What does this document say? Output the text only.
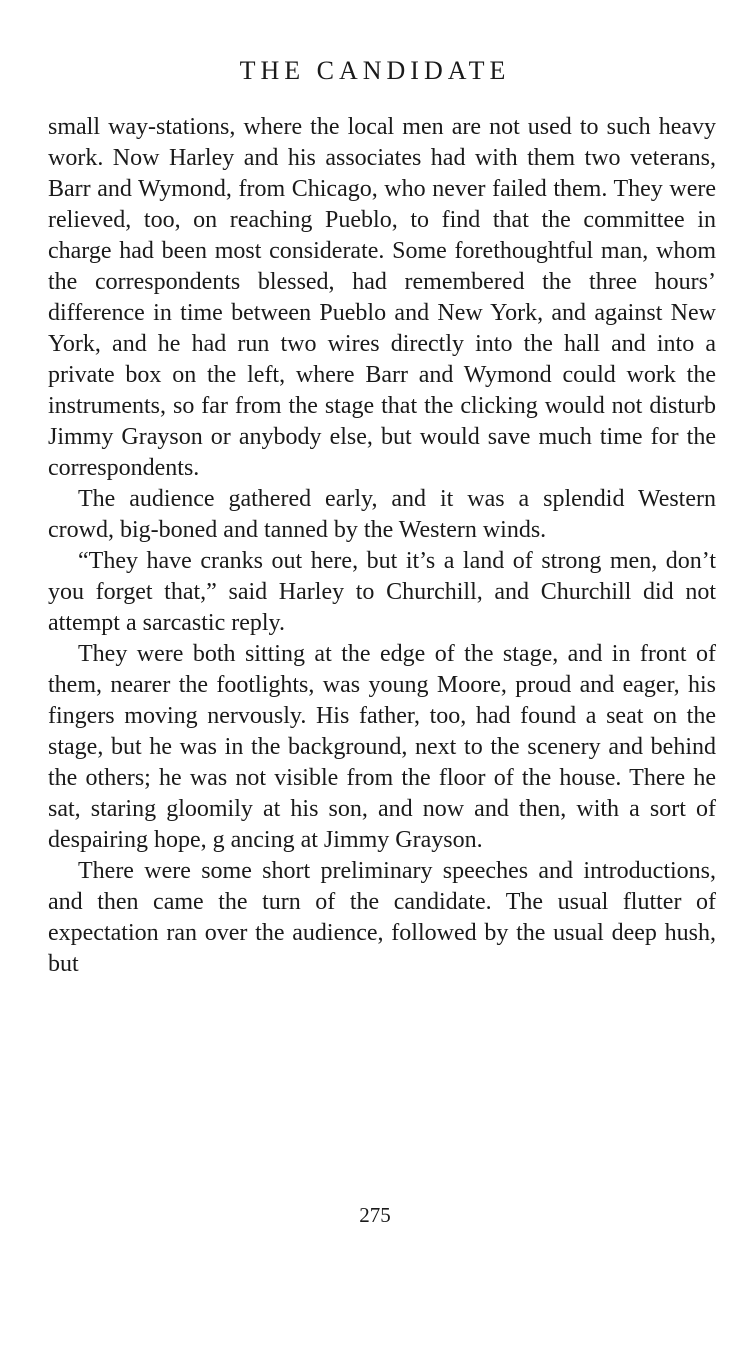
THE CANDIDATE

small way-stations, where the local men are not used to such heavy work. Now Harley and his associates had with them two veterans, Barr and Wymond, from Chicago, who never failed them. They were relieved, too, on reaching Pueblo, to find that the committee in charge had been most considerate. Some forethoughtful man, whom the correspondents blessed, had remembered the three hours’ difference in time between Pueblo and New York, and against New York, and he had run two wires directly into the hall and into a private box on the left, where Barr and Wymond could work the instruments, so far from the stage that the clicking would not disturb Jimmy Grayson or anybody else, but would save much time for the correspondents.

The audience gathered early, and it was a splendid Western crowd, big-boned and tanned by the Western winds.

“They have cranks out here, but it’s a land of strong men, don’t you forget that,” said Harley to Churchill, and Churchill did not attempt a sarcastic reply.

They were both sitting at the edge of the stage, and in front of them, nearer the footlights, was young Moore, proud and eager, his fingers moving nervously. His father, too, had found a seat on the stage, but he was in the background, next to the scenery and behind the others; he was not visible from the floor of the house. There he sat, staring gloomily at his son, and now and then, with a sort of despairing hope, g ancing at Jimmy Grayson.

There were some short preliminary speeches and introductions, and then came the turn of the candidate. The usual flutter of expectation ran over the audience, followed by the usual deep hush, but

275
